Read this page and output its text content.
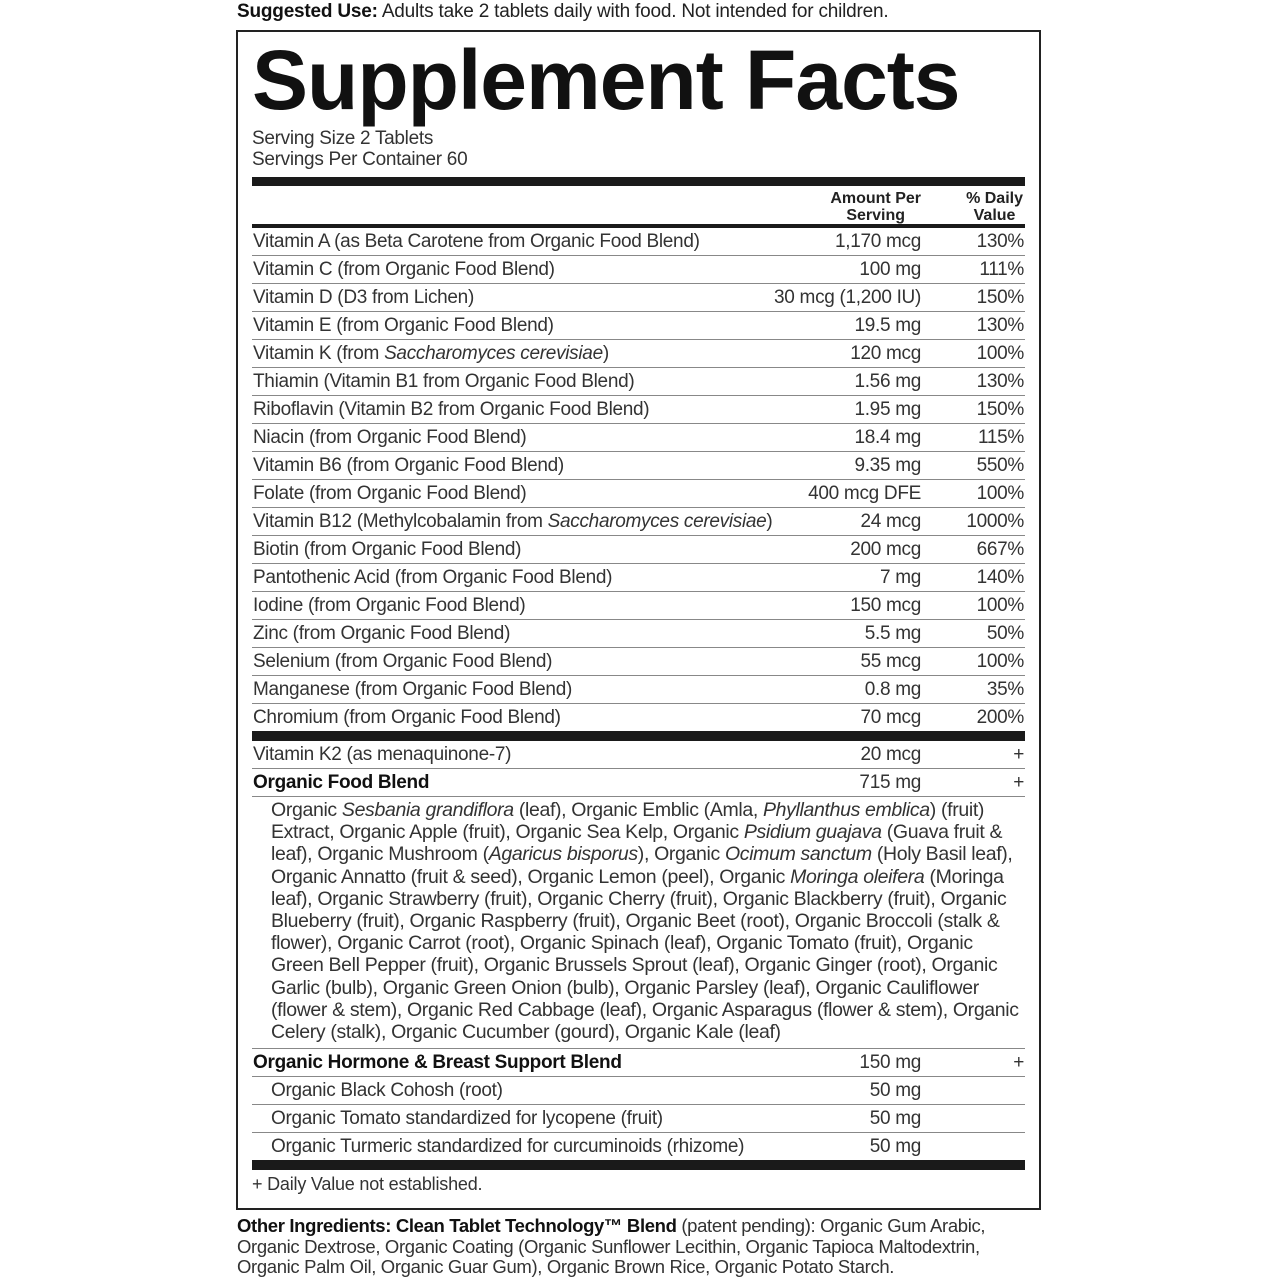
Suggested Use: Adults take 2 tablets daily with food. Not intended for children.
Supplement Facts
Serving Size 2 Tablets
Servings Per Container 60
Amount Per
Serving
% Daily
Value
Vitamin A (as Beta Carotene from Organic Food Blend)	1,170 mcg	130%
Vitamin C (from Organic Food Blend)	100 mg	111%
Vitamin D (D3 from Lichen)	30 mcg (1,200 IU)	150%
Vitamin E (from Organic Food Blend)	19.5 mg	130%
Vitamin K (from Saccharomyces cerevisiae)	120 mcg	100%
Thiamin (Vitamin B1 from Organic Food Blend)	1.56 mg	130%
Riboflavin (Vitamin B2 from Organic Food Blend)	1.95 mg	150%
Niacin (from Organic Food Blend)	18.4 mg	115%
Vitamin B6 (from Organic Food Blend)	9.35 mg	550%
Folate (from Organic Food Blend)	400 mcg DFE	100%
Vitamin B12 (Methylcobalamin from Saccharomyces cerevisiae)	24 mcg 1000%
Biotin (from Organic Food Blend)	200 mcg	667%
Pantothenic Acid (from Organic Food Blend)	7 mg	140%
Iodine (from Organic Food Blend)	150 mcg	100%
Zinc (from Organic Food Blend)	5.5 mg	50%
Selenium (from Organic Food Blend)	55 mcg	100%
Manganese (from Organic Food Blend)	0.8 mg	35%
Chromium (from Organic Food Blend)	70 mcg	200%
Vitamin K2 (as menaquinone-7)	20 mcg	+
Organic Food Blend	715 mg	+
Organic Sesbania grandiflora (leaf), Organic Emblic (Amla, Phyllanthus emblica) (fruit) Extract, Organic Apple (fruit), Organic Sea Kelp, Organic Psidium guajava (Guava fruit & leaf), Organic Mushroom (Agaricus bisporus), Organic Ocimum sanctum (Holy Basil leaf), Organic Annatto (fruit & seed), Organic Lemon (peel), Organic Moringa oleifera (Moringa leaf), Organic Strawberry (fruit), Organic Cherry (fruit), Organic Blackberry (fruit), Organic Blueberry (fruit), Organic Raspberry (fruit), Organic Beet (root), Organic Broccoli (stalk & flower), Organic Carrot (root), Organic Spinach (leaf), Organic Tomato (fruit), Organic Green Bell Pepper (fruit), Organic Brussels Sprout (leaf), Organic Ginger (root), Organic Garlic (bulb), Organic Green Onion (bulb), Organic Parsley (leaf), Organic Cauliflower (flower & stem), Organic Red Cabbage (leaf), Organic Asparagus (flower & stem), Organic Celery (stalk), Organic Cucumber (gourd), Organic Kale (leaf)
Organic Hormone & Breast Support Blend	150 mg	+
Organic Black Cohosh (root)	50 mg
Organic Tomato standardized for lycopene (fruit)	50 mg
Organic Turmeric standardized for curcuminoids (rhizome)	50 mg
+ Daily Value not established.
Other Ingredients: Clean Tablet Technology™ Blend (patent pending): Organic Gum Arabic, Organic Dextrose, Organic Coating (Organic Sunflower Lecithin, Organic Tapioca Maltodextrin, Organic Palm Oil, Organic Guar Gum), Organic Brown Rice, Organic Potato Starch.
